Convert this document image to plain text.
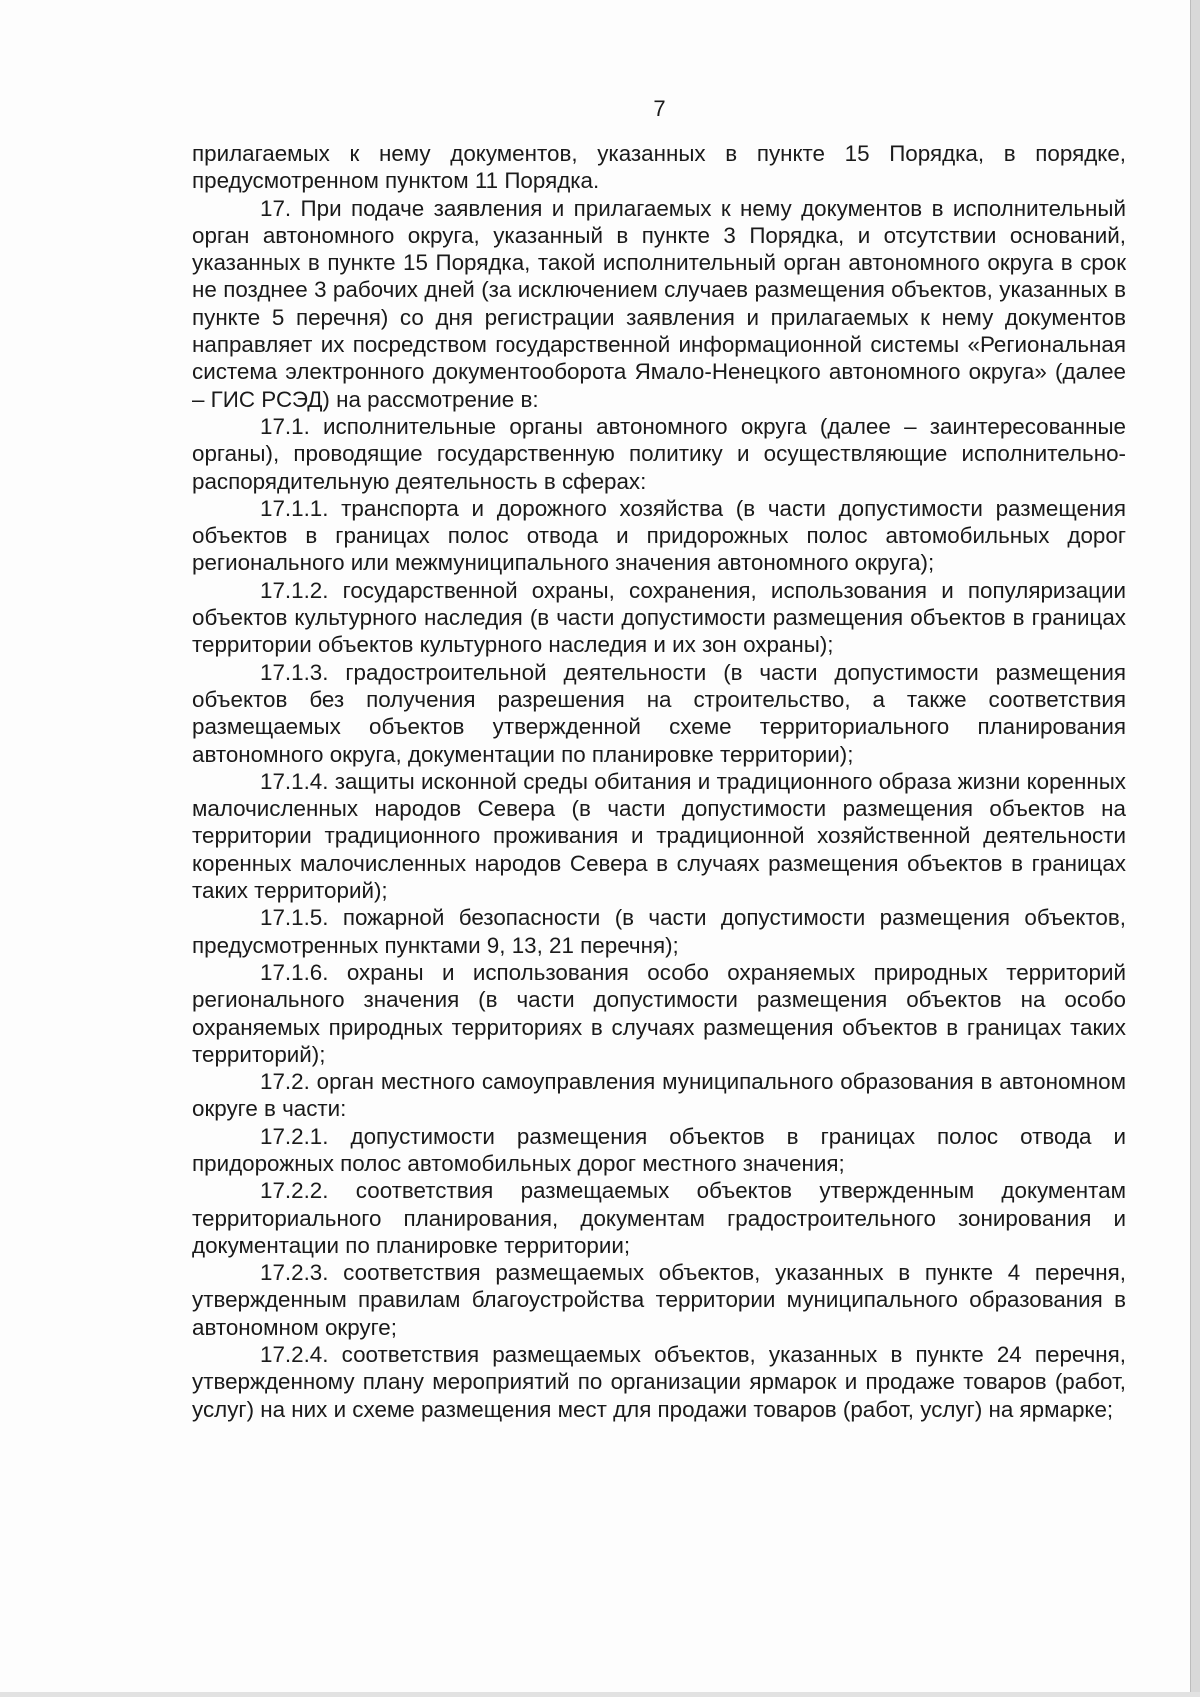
7

прилагаемых к нему документов, указанных в пункте 15 Порядка, в порядке, предусмотренном пунктом 11 Порядка.

17. При подаче заявления и прилагаемых к нему документов в исполнительный орган автономного округа, указанный в пункте 3 Порядка, и отсутствии оснований, указанных в пункте 15 Порядка, такой исполнительный орган автономного округа в срок не позднее 3 рабочих дней (за исключением случаев размещения объектов, указанных в пункте 5 перечня) со дня регистрации заявления и прилагаемых к нему документов направляет их посредством государственной информационной системы «Региональная система электронного документооборота Ямало-Ненецкого автономного округа» (далее – ГИС РСЭД) на рассмотрение в:

17.1. исполнительные органы автономного округа (далее – заинтересованные органы), проводящие государственную политику и осуществляющие исполнительно-распорядительную деятельность в сферах:

17.1.1. транспорта и дорожного хозяйства (в части допустимости размещения объектов в границах полос отвода и придорожных полос автомобильных дорог регионального или межмуниципального значения автономного округа);

17.1.2. государственной охраны, сохранения, использования и популяризации объектов культурного наследия (в части допустимости размещения объектов в границах территории объектов культурного наследия и их зон охраны);

17.1.3. градостроительной деятельности (в части допустимости размещения объектов без получения разрешения на строительство, а также соответствия размещаемых объектов утвержденной схеме территориального планирования автономного округа, документации по планировке территории);

17.1.4. защиты исконной среды обитания и традиционного образа жизни коренных малочисленных народов Севера (в части допустимости размещения объектов на территории традиционного проживания и традиционной хозяйственной деятельности коренных малочисленных народов Севера в случаях размещения объектов в границах таких территорий);

17.1.5. пожарной безопасности (в части допустимости размещения объектов, предусмотренных пунктами 9, 13, 21 перечня);

17.1.6. охраны и использования особо охраняемых природных территорий регионального значения (в части допустимости размещения объектов на особо охраняемых природных территориях в случаях размещения объектов в границах таких территорий);

17.2. орган местного самоуправления муниципального образования в автономном округе в части:

17.2.1. допустимости размещения объектов в границах полос отвода и придорожных полос автомобильных дорог местного значения;

17.2.2. соответствия размещаемых объектов утвержденным документам территориального планирования, документам градостроительного зонирования и документации по планировке территории;

17.2.3. соответствия размещаемых объектов, указанных в пункте 4 перечня, утвержденным правилам благоустройства территории муниципального образования в автономном округе;

17.2.4. соответствия размещаемых объектов, указанных в пункте 24 перечня, утвержденному плану мероприятий по организации ярмарок и продаже товаров (работ, услуг) на них и схеме размещения мест для продажи товаров (работ, услуг) на ярмарке;
